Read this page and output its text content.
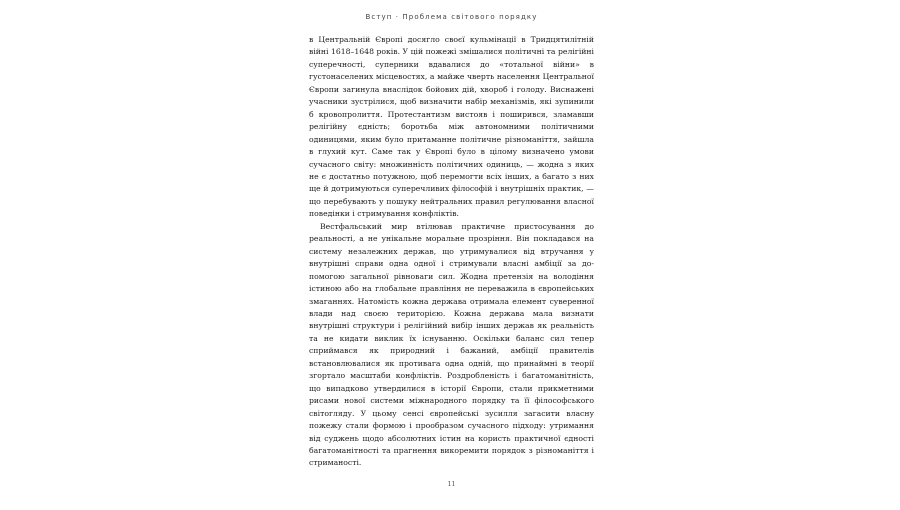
Вступ · Проблема світового порядку

в Центральній Європі досягло своєї кульмінації в Тридцятилітній війні 1618–1648 років. У цій пожежі змішалися політичні та релігійні суперечності, суперники вдавалися до «тотальної війни» в густонаселених місцевостях, а майже чверть населення Центральної Європи загинула внаслідок бойових дій, хвороб і голоду. Виснажені учасники зустрілися, щоб визначити набір механізмів, які зупинили б кровопролиття. Протестантизм вистояв і поширився, зламавши релігійну єдність; боротьба між автономними політичними одиницями, яким було притаманне політичне різноманіття, зайшла в глухий кут. Саме так у Європі було в цілому визначено умови сучасного світу: множинність політичних одиниць, — жодна з яких не є достатньо потужною, щоб перемогти всіх інших, а багато з них ще й дотримуються суперечливих філософій і внутрішніх практик, — що перебувають у пошуку нейтральних правил регулювання власної поведінки і стримування конфліктів.

Вестфальський мир втілював практичне пристосування до реальності, а не унікальне моральне прозріння. Він покладався на систему незалежних держав, що утримувалися від втручання у внутрішні справи одна одної і стримували власні амбіції за допомогою загальної рівноваги сил. Жодна претензія на володіння істиною або на глобальне правління не переважила в європейських змаганнях. Натомість кожна держава отримала елемент суверенної влади над своєю територією. Кожна держава мала визнати внутрішні структури і релігійний вибір інших держав як реальність та не кидати виклик їх існуванню. Оскільки баланс сил тепер сприймався як природний і бажаний, амбіції правителів встановлювалися як противага одна одній, що принаймні в теорії згортало масштаби конфліктів. Роздробленість і багатоманітність, що випадково утвердилися в історії Європи, стали прикметними рисами нової системи міжнародного порядку та її філософського світогляду. У цьому сенсі європейські зусилля загасити власну пожежу стали формою і прообразом сучасного підходу: утримання від суджень щодо абсолютних істин на користь практичної єдності багатоманітності та прагнення викоремити порядок з різноманіття і стриманості.

11
